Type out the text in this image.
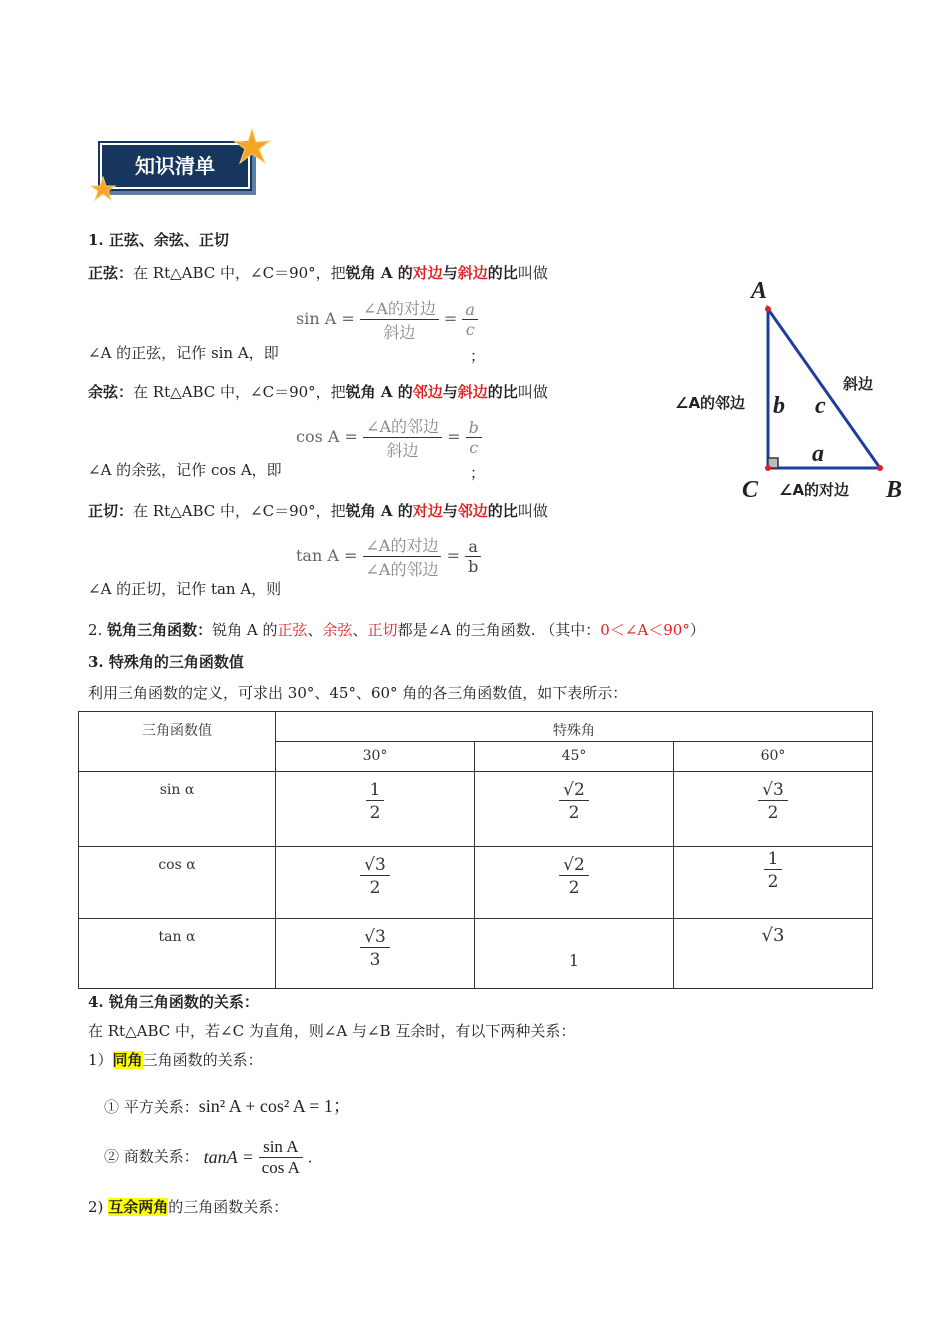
知识清单
1. 正弦、余弦、正切
正弦：在 Rt△ABC 中，∠C＝90°，把锐角 A 的对边与斜边的比叫做
$\sin A = \frac{\text{∠A的对边}}{\text{斜边}} = \frac{a}{c}$
∠A 的正弦，记作 sin A，即	；
余弦：在 Rt△ABC 中，∠C＝90°，把锐角 A 的邻边与斜边的比叫做
$\cos A = \frac{\text{∠A的邻边}}{\text{斜边}} = \frac{b}{c}$
∠A 的余弦，记作 cos A，即	；
正切：在 Rt△ABC 中，∠C＝90°，把锐角 A 的对边与邻边的比叫做
$\tan A = \frac{\text{∠A的对边}}{\text{∠A的邻边}} = \frac{a}{b}$
∠A 的正切，记作 tan A，则
A
C	B
b c
a
∠A的邻边
∠A的对边
斜边
2. 锐角三角函数：锐角 A 的正弦、余弦、正切都是∠A 的三角函数. （其中：0＜∠A＜90°）
3. 特殊角的三角函数值
利用三角函数的定义，可求出 30°、45°、60° 角的各三角函数值，如下表所示：
三角函数值	特殊角		
	30°	45°	60°
sin α	$\frac{1}{2}$	$\frac{√2}{2}$	$\frac{√3}{2}$

cos α	$\frac{√3}{2}$	$\frac{√2}{2}$	$\frac{1}{2}$

tan α	$\frac{√3}{3}$	1	√3
4. 锐角三角函数的关系：
在 Rt△ABC 中，若∠C 为直角，则∠A 与∠B 互余时，有以下两种关系：
1）同角三角函数的关系：
① 平方关系：sin² A + cos² A = 1；
② 商数关系： $\tan A = \frac{\text{sin A}}{\text{cos A}}$ .
2) 互余两角的三角函数关系：
